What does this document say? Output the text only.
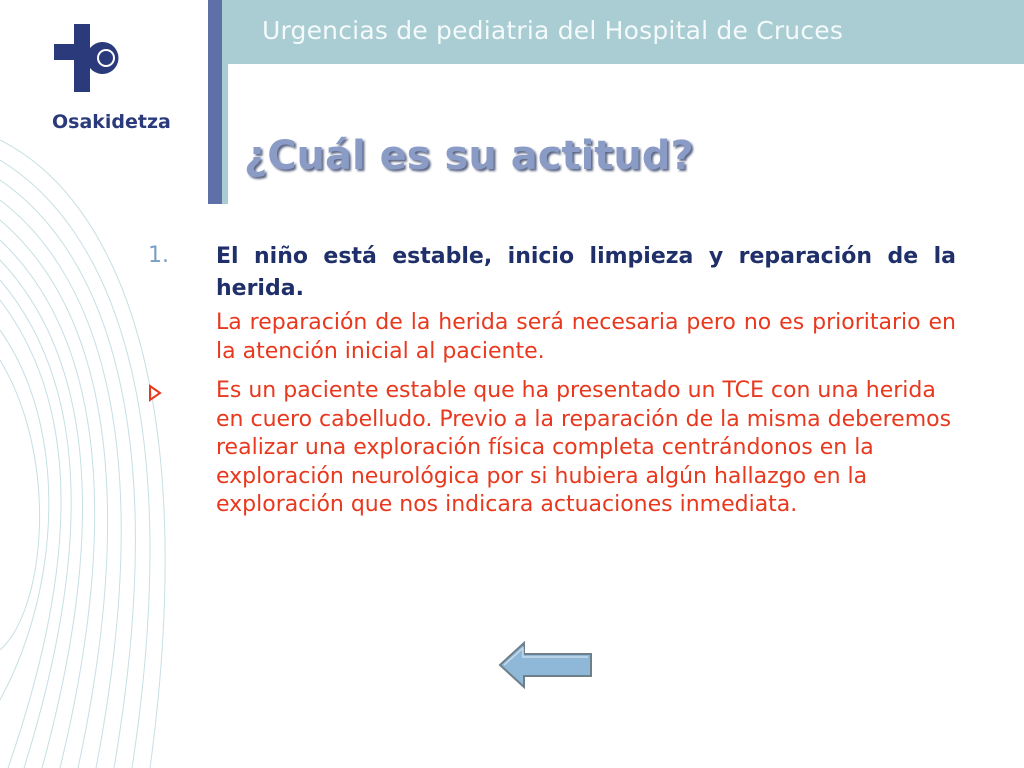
Urgencias de pediatria del Hospital de Cruces
Osakidetza
¿Cuál es su actitud?
1. El niño está estable, inicio limpieza y reparación de la herida.
La reparación de la herida será necesaria pero no es prioritario en la atención inicial al paciente.
Es un paciente estable que ha presentado un TCE con una herida en cuero cabelludo. Previo a la reparación de la misma deberemos realizar una exploración física completa centrándonos en la exploración neurológica por si hubiera algún hallazgo en la exploración que nos indicara actuaciones inmediata.
